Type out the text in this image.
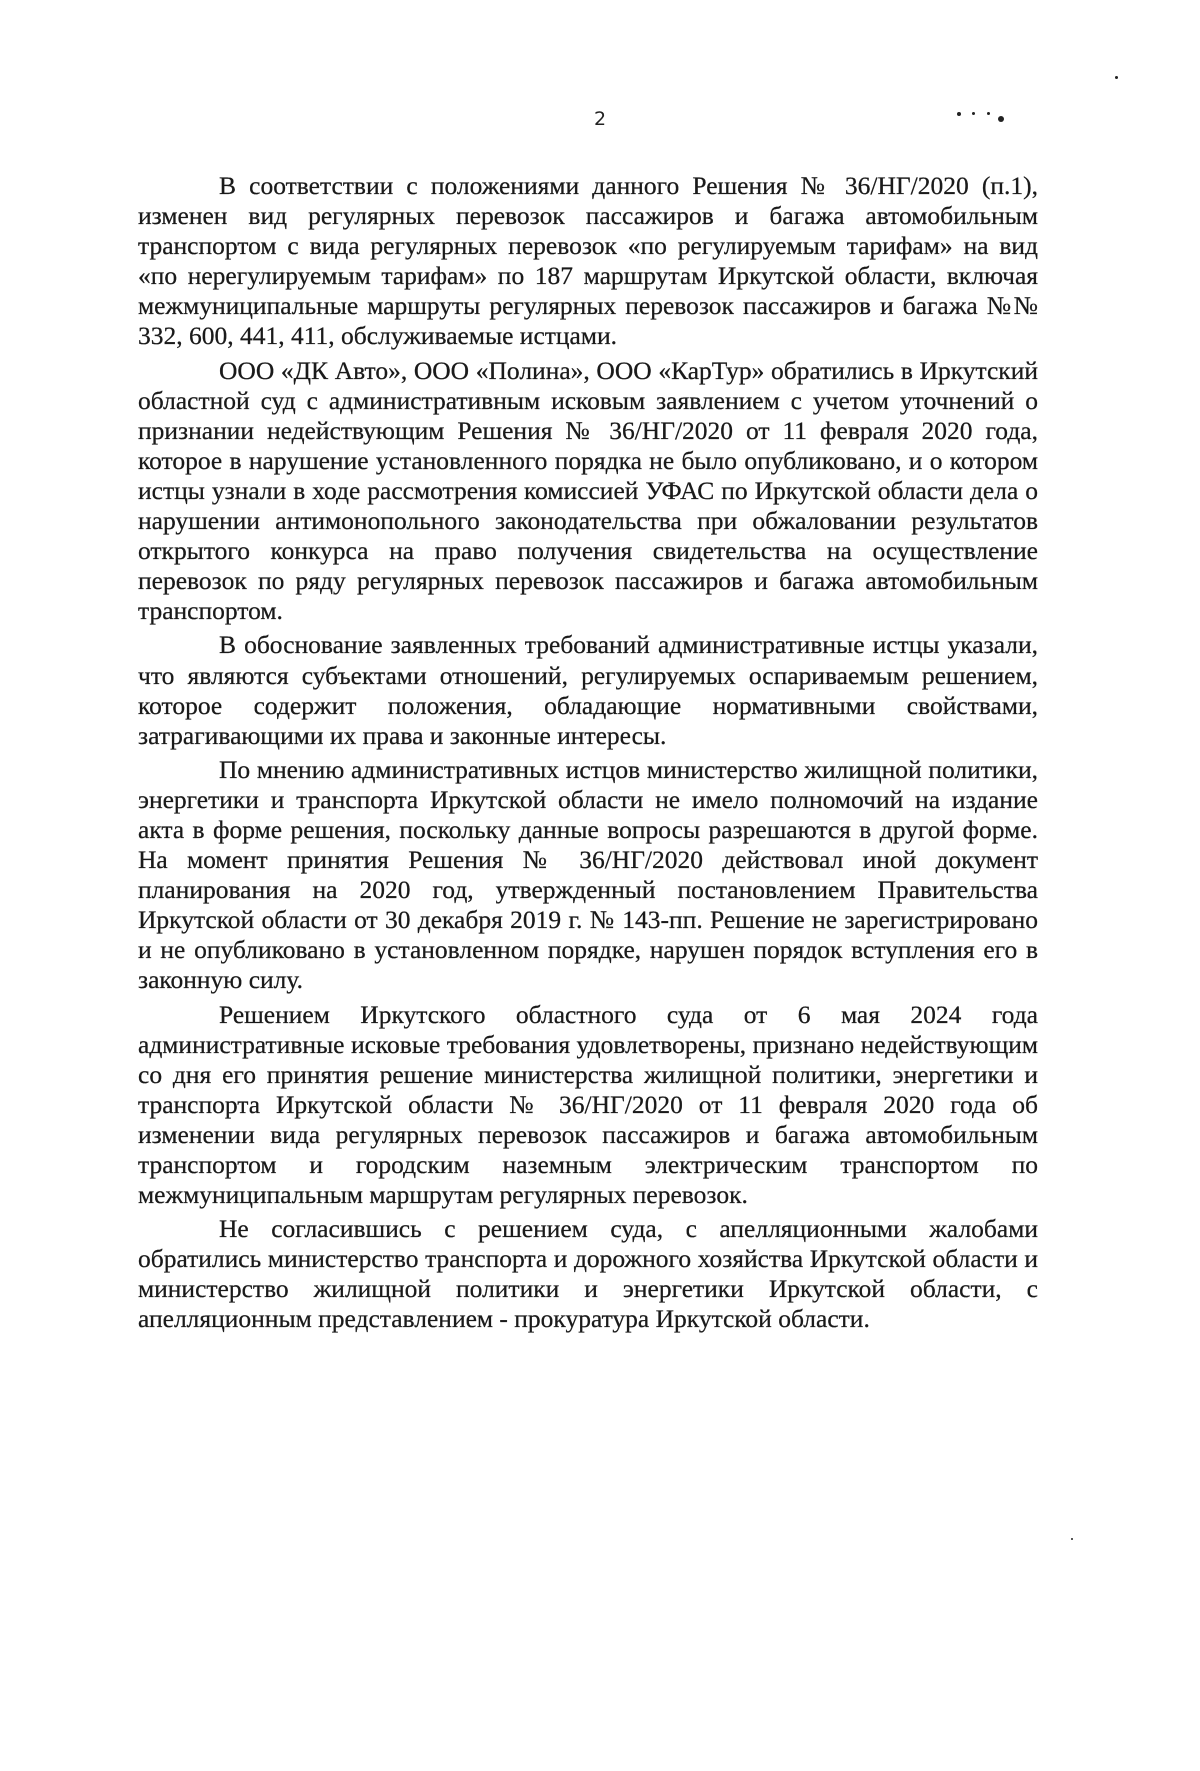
2

В соответствии с положениями данного Решения № 36/НГ/2020 (п.1), изменен вид регулярных перевозок пассажиров и багажа автомобильным транспортом с вида регулярных перевозок «по регулируемым тарифам» на вид «по нерегулируемым тарифам» по 187 маршрутам Иркутской области, включая межмуниципальные маршруты регулярных перевозок пассажиров и багажа №№ 332, 600, 441, 411, обслуживаемые истцами.

ООО «ДК Авто», ООО «Полина», ООО «КарТур» обратились в Иркутский областной суд с административным исковым заявлением с учетом уточнений о признании недействующим Решения № 36/НГ/2020 от 11 февраля 2020 года, которое в нарушение установленного порядка не было опубликовано, и о котором истцы узнали в ходе рассмотрения комиссией УФАС по Иркутской области дела о нарушении антимонопольного законодательства при обжаловании результатов открытого конкурса на право получения свидетельства на осуществление перевозок по ряду регулярных перевозок пассажиров и багажа автомобильным транспортом.

В обоснование заявленных требований административные истцы указали, что являются субъектами отношений, регулируемых оспариваемым решением, которое содержит положения, обладающие нормативными свойствами, затрагивающими их права и законные интересы.

По мнению административных истцов министерство жилищной политики, энергетики и транспорта Иркутской области не имело полномочий на издание акта в форме решения, поскольку данные вопросы разрешаются в другой форме. На момент принятия Решения № 36/НГ/2020 действовал иной документ планирования на 2020 год, утвержденный постановлением Правительства Иркутской области от 30 декабря 2019 г. № 143-пп. Решение не зарегистрировано и не опубликовано в установленном порядке, нарушен порядок вступления его в законную силу.

Решением Иркутского областного суда от 6 мая 2024 года административные исковые требования удовлетворены, признано недействующим со дня его принятия решение министерства жилищной политики, энергетики и транспорта Иркутской области № 36/НГ/2020 от 11 февраля 2020 года об изменении вида регулярных перевозок пассажиров и багажа автомобильным транспортом и городским наземным электрическим транспортом по межмуниципальным маршрутам регулярных перевозок.

Не согласившись с решением суда, с апелляционными жалобами обратились министерство транспорта и дорожного хозяйства Иркутской области и министерство жилищной политики и энергетики Иркутской области, с апелляционным представлением - прокуратура Иркутской области.
